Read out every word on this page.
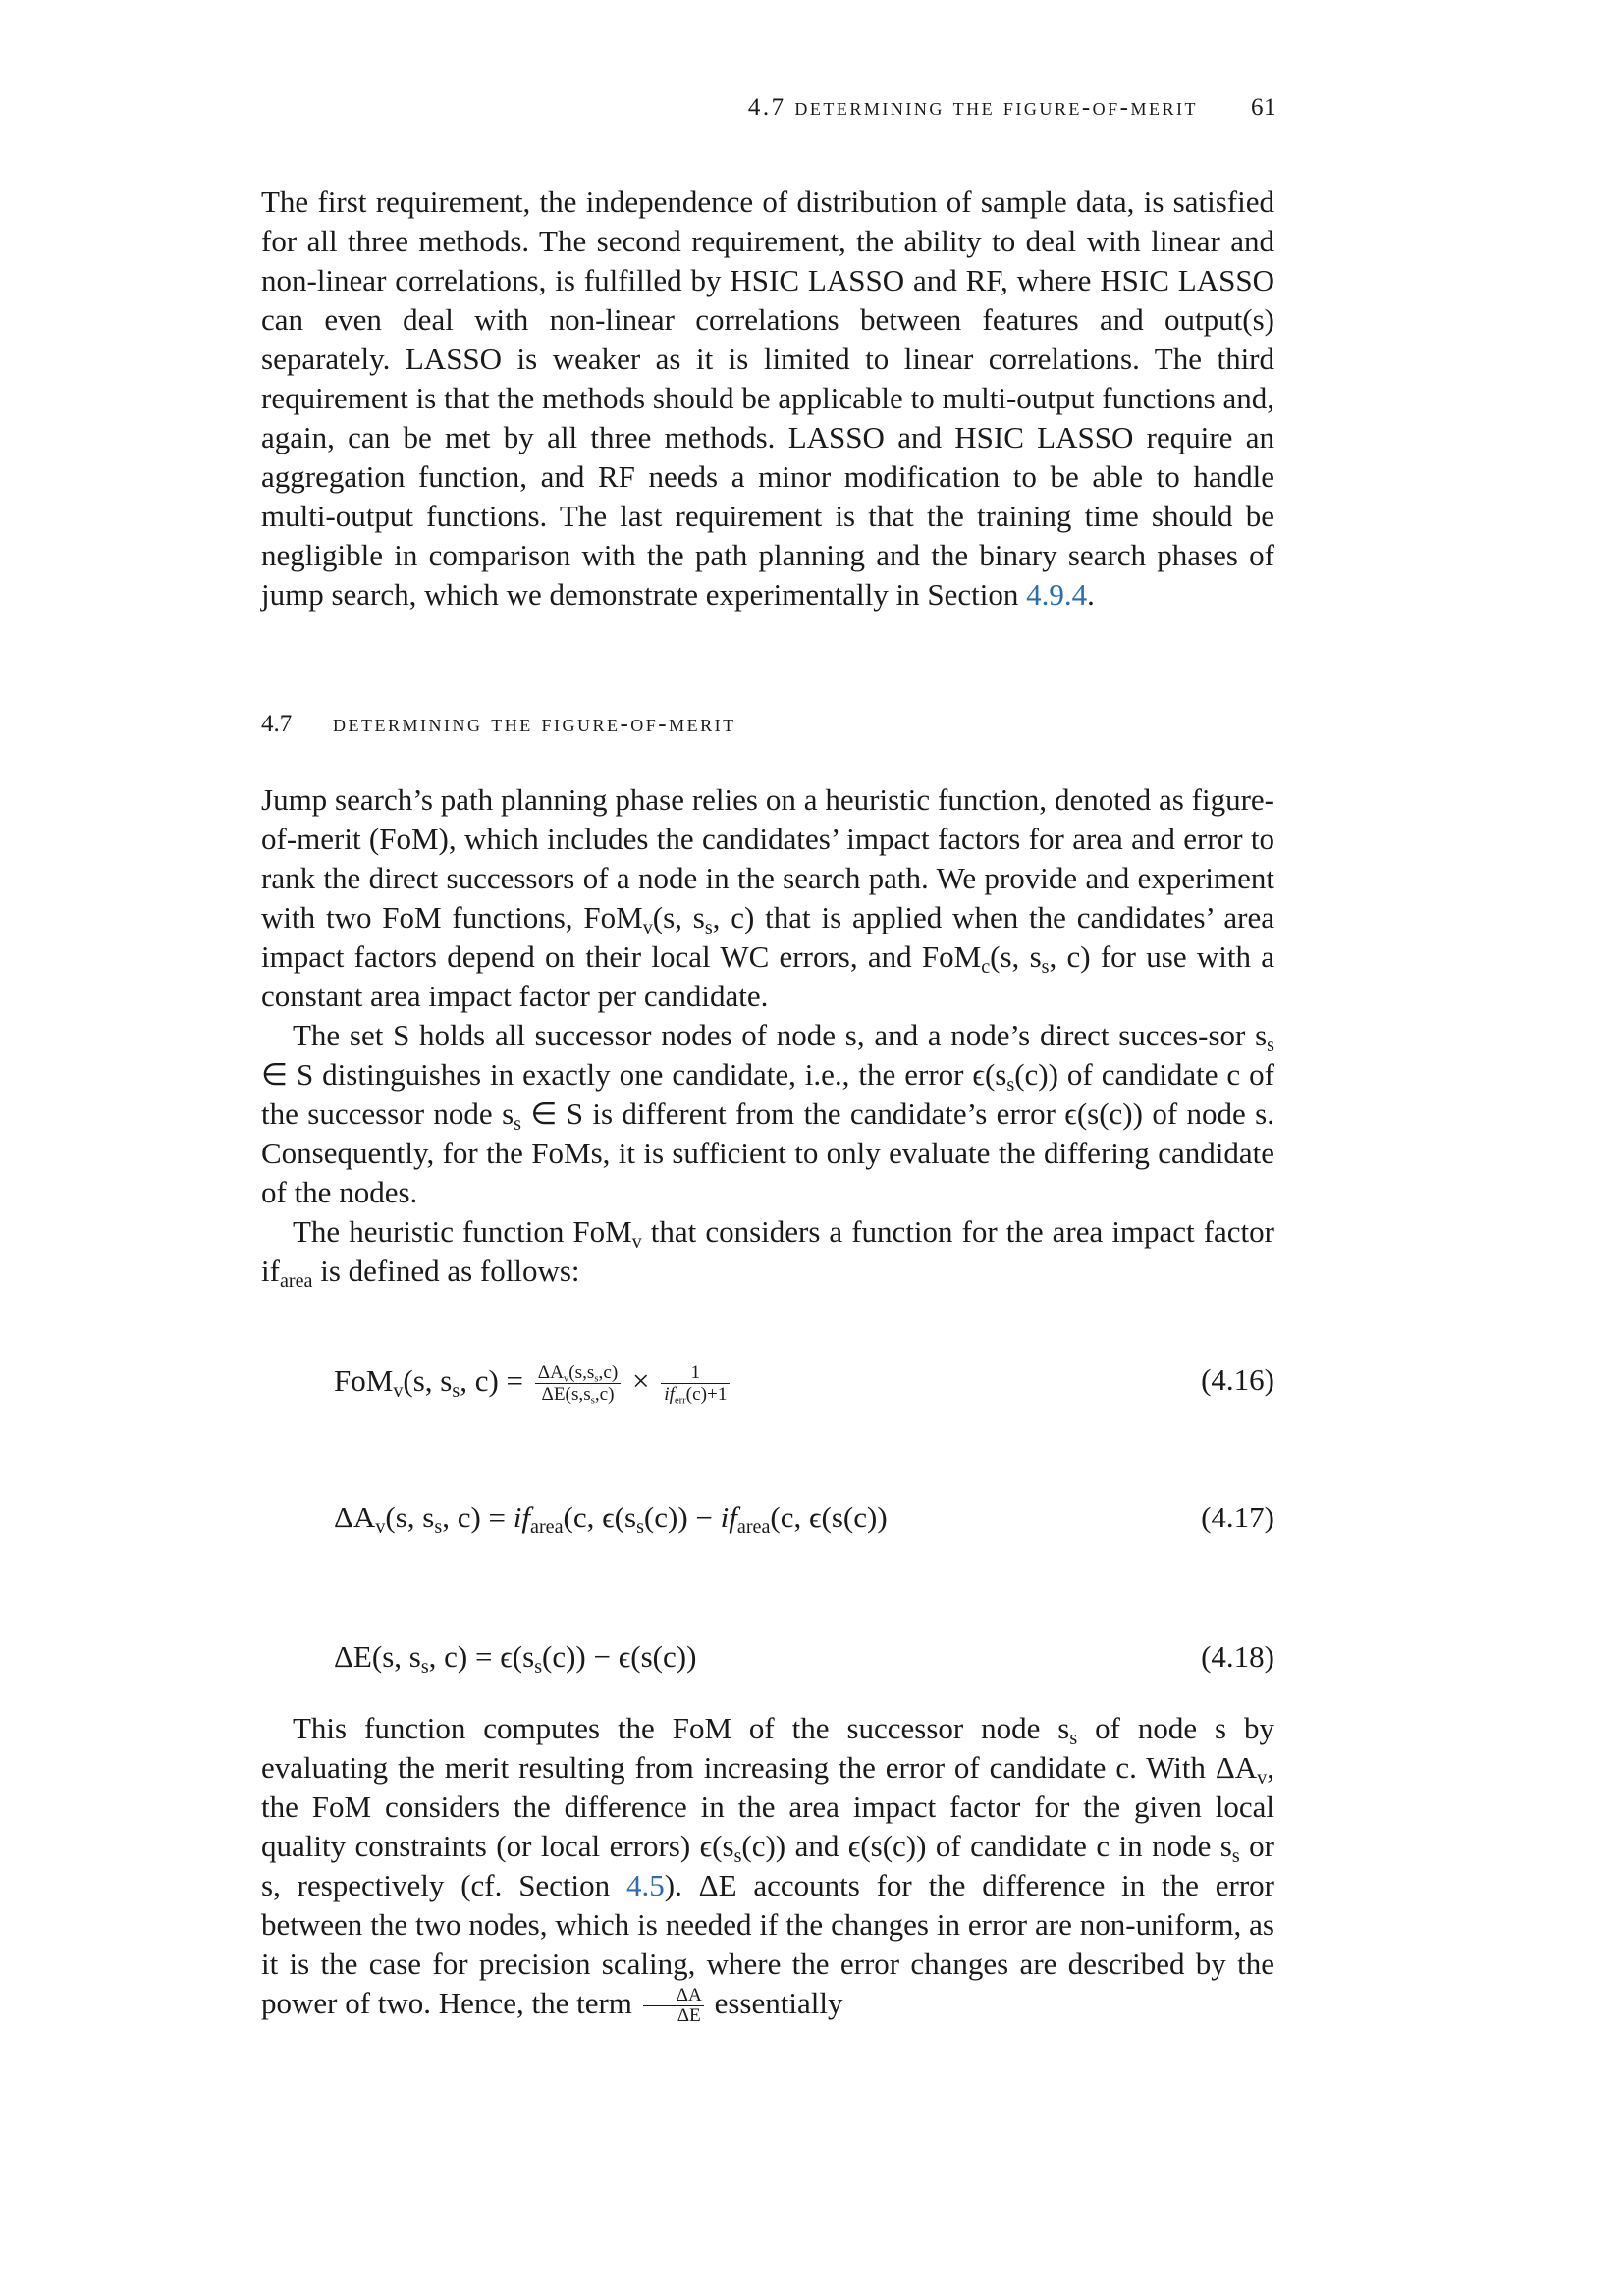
4.7 determining the figure-of-merit 61

The first requirement, the independence of distribution of sample data, is satisfied for all three methods. The second requirement, the ability to deal with linear and non-linear correlations, is fulfilled by HSIC LASSO and RF, where HSIC LASSO can even deal with non-linear correlations between features and output(s) separately. LASSO is weaker as it is limited to linear correlations. The third requirement is that the methods should be applicable to multi-output functions and, again, can be met by all three methods. LASSO and HSIC LASSO require an aggregation function, and RF needs a minor modification to be able to handle multi-output functions. The last requirement is that the training time should be negligible in comparison with the path planning and the binary search phases of jump search, which we demonstrate experimentally in Section 4.9.4.

4.7 determining the figure-of-merit

Jump search’s path planning phase relies on a heuristic function, denoted as figure-of-merit (FoM), which includes the candidates’ impact factors for area and error to rank the direct successors of a node in the search path. We provide and experiment with two FoM functions, FoM$_v$(s, $s_s$, c) that is applied when the candidates’ area impact factors depend on their local WC errors, and FoM$_c$(s, $s_s$, c) for use with a constant area impact factor per candidate.

The set S holds all successor nodes of node s, and a node’s direct succes-sor $s_s$ ∈ S distinguishes in exactly one candidate, i.e., the error $\epsilon(s_s(c))$ of candidate c of the successor node $s_s$ ∈ S is different from the candidate’s error ϵ(s(c)) of node s. Consequently, for the FoMs, it is sufficient to only evaluate the differing candidate of the nodes.

The heuristic function FoM$_v$ that considers a function for the area impact factor $if_{area}$ is defined as follows:

FoM$_v$(s, $s_s$, $c) = \frac{\text{ΔAv(s,ss,c)}}{\Delta E(s,ss,c)} \times \frac{1}{\text{iferr(c)+1}}$	(4.16)
$\Delta A_v(s$, $s_s$, $c) = if_{area}(c$, $\epsilon(s_s(c)) - if_{area}(c$, ϵ(s(c))	(4.17)
ΔE(s, $s_s$, $c) = \epsilon(s_s(c)) - \epsilon(s(c))$	(4.18)

This function computes the FoM of the successor node $s_s$ of node s by evaluating the merit resulting from increasing the error of candidate c. With $\Delta A_v$, the FoM considers the difference in the area impact factor for the given local quality constraints (or local errors) $\epsilon(s_s(c))$ and ϵ(s(c)) of candidate c in node $s_s$ or s, respectively (cf. Section 4.5). ΔE accounts for the difference in the error between the two nodes, which is needed if the changes in error are non-uniform, as it is the case for precision scaling, where the error changes are described by the power of two. Hence, the term $\frac{\Delta A}{\Delta E}$ essentially
